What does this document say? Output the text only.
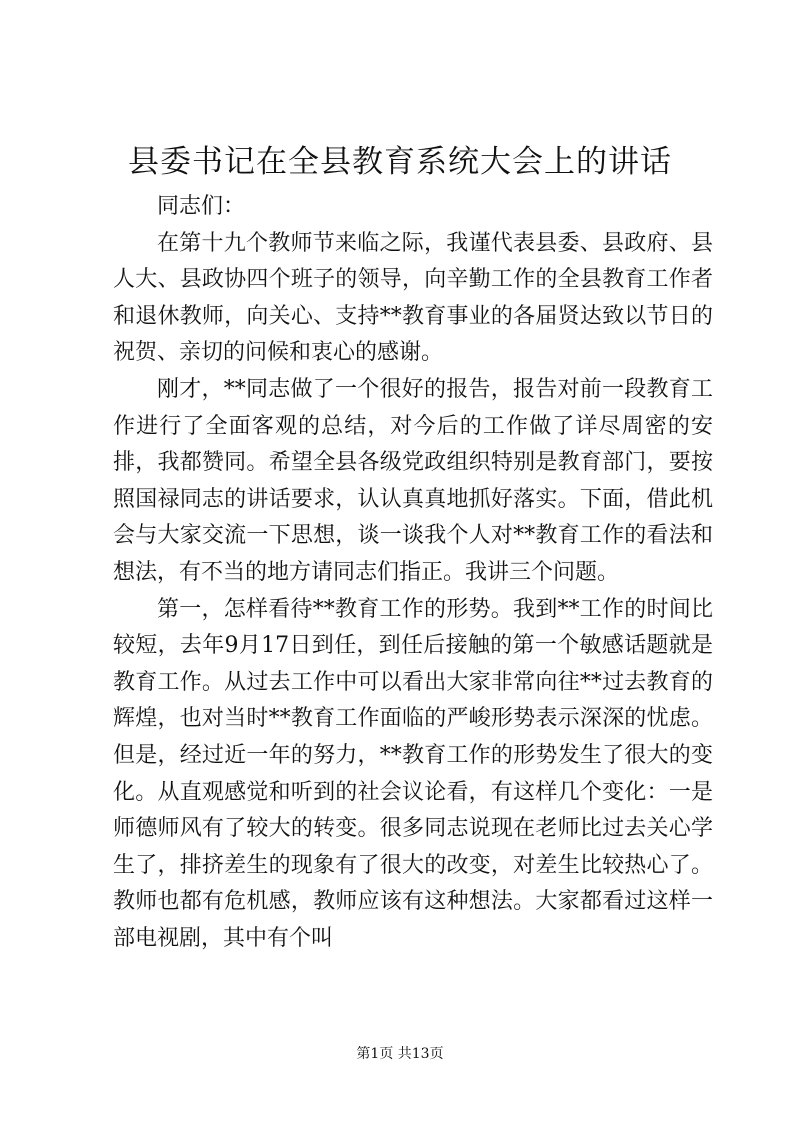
县委书记在全县教育系统大会上的讲话

同志们：

在第十九个教师节来临之际，我谨代表县委、县政府、县人大、县政协四个班子的领导，向辛勤工作的全县教育工作者和退休教师，向关心、支持**教育事业的各届贤达致以节日的祝贺、亲切的问候和衷心的感谢。

刚才，**同志做了一个很好的报告，报告对前一段教育工作进行了全面客观的总结，对今后的工作做了详尽周密的安排，我都赞同。希望全县各级党政组织特别是教育部门，要按照国禄同志的讲话要求，认认真真地抓好落实。下面，借此机会与大家交流一下思想，谈一谈我个人对**教育工作的看法和想法，有不当的地方请同志们指正。我讲三个问题。

第一，怎样看待**教育工作的形势。我到**工作的时间比较短，去年9月17日到任，到任后接触的第一个敏感话题就是教育工作。从过去工作中可以看出大家非常向往**过去教育的辉煌，也对当时**教育工作面临的严峻形势表示深深的忧虑。但是，经过近一年的努力，**教育工作的形势发生了很大的变化。从直观感觉和听到的社会议论看，有这样几个变化：一是师德师风有了较大的转变。很多同志说现在老师比过去关心学生了，排挤差生的现象有了很大的改变，对差生比较热心了。教师也都有危机感，教师应该有这种想法。大家都看过这样一部电视剧，其中有个叫

第1页 共13页
